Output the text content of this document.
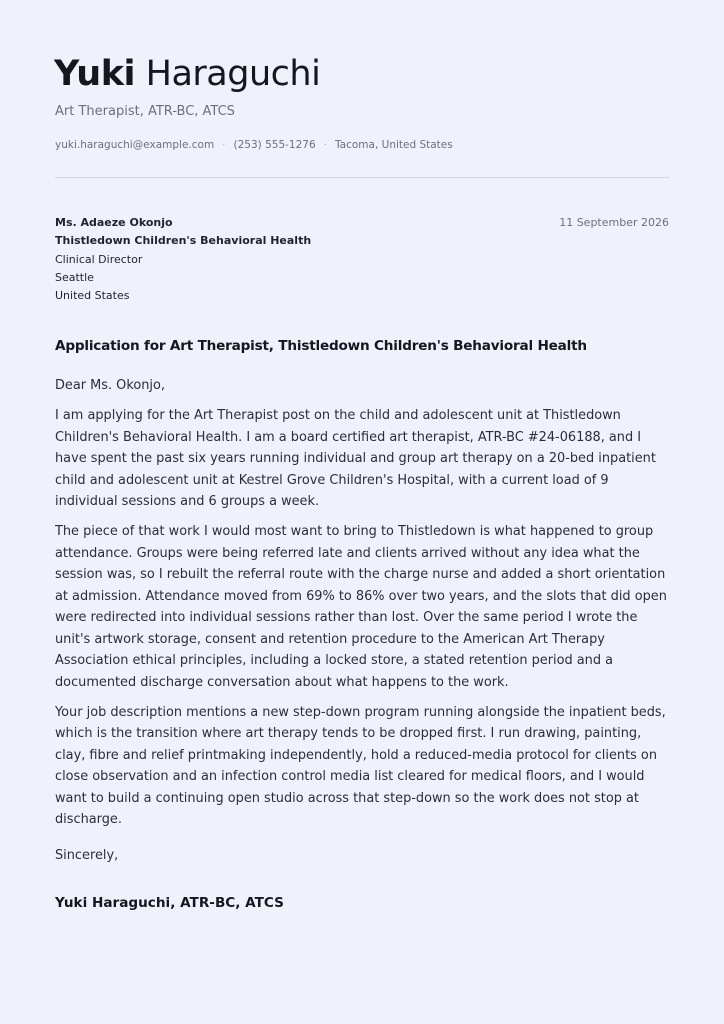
Yuki Haraguchi
Art Therapist, ATR-BC, ATCS
yuki.haraguchi@example.com · (253) 555-1276 · Tacoma, United States
Ms. Adaeze Okonjo
Thistledown Children's Behavioral Health
Clinical Director
Seattle
United States
11 September 2026
Application for Art Therapist, Thistledown Children's Behavioral Health

Dear Ms. Okonjo,

I am applying for the Art Therapist post on the child and adolescent unit at Thistledown Children's Behavioral Health. I am a board certified art therapist, ATR-BC #24-06188, and I have spent the past six years running individual and group art therapy on a 20-bed inpatient child and adolescent unit at Kestrel Grove Children's Hospital, with a current load of 9 individual sessions and 6 groups a week.

The piece of that work I would most want to bring to Thistledown is what happened to group attendance. Groups were being referred late and clients arrived without any idea what the session was, so I rebuilt the referral route with the charge nurse and added a short orientation at admission. Attendance moved from 69% to 86% over two years, and the slots that did open were redirected into individual sessions rather than lost. Over the same period I wrote the unit's artwork storage, consent and retention procedure to the American Art Therapy Association ethical principles, including a locked store, a stated retention period and a documented discharge conversation about what happens to the work.

Your job description mentions a new step-down program running alongside the inpatient beds, which is the transition where art therapy tends to be dropped first. I run drawing, painting, clay, fibre and relief printmaking independently, hold a reduced-media protocol for clients on close observation and an infection control media list cleared for medical floors, and I would want to build a continuing open studio across that step-down so the work does not stop at discharge.

Sincerely,
Yuki Haraguchi, ATR-BC, ATCS
